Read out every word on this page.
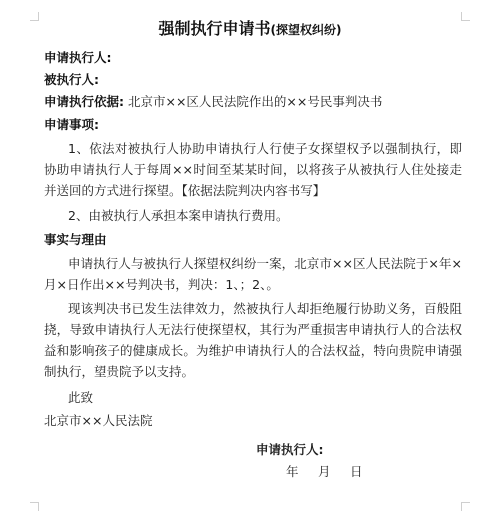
强制执行申请书(探望权纠纷)
申请执行人:
被执行人:
申请执行依据: 北京市××区人民法院作出的××号民事判决书
申请事项:
1、依法对被执行人协助申请执行人行使子女探望权予以强制执行，即协助申请执行人于每周××时间至某某时间，以将孩子从被执行人住处接走并送回的方式进行探望。【依据法院判决内容书写】
2、由被执行人承担本案申请执行费用。
事实与理由
申请执行人与被执行人探望权纠纷一案，北京市××区人民法院于×年×月×日作出××号判决书，判决：1、；2、。
现该判决书已发生法律效力，然被执行人却拒绝履行协助义务，百般阻挠，导致申请执行人无法行使探望权，其行为严重损害申请执行人的合法权益和影响孩子的健康成长。为维护申请执行人的合法权益，特向贵院申请强制执行，望贵院予以支持。
此致
北京市××人民法院
申请执行人:
年 月 日
